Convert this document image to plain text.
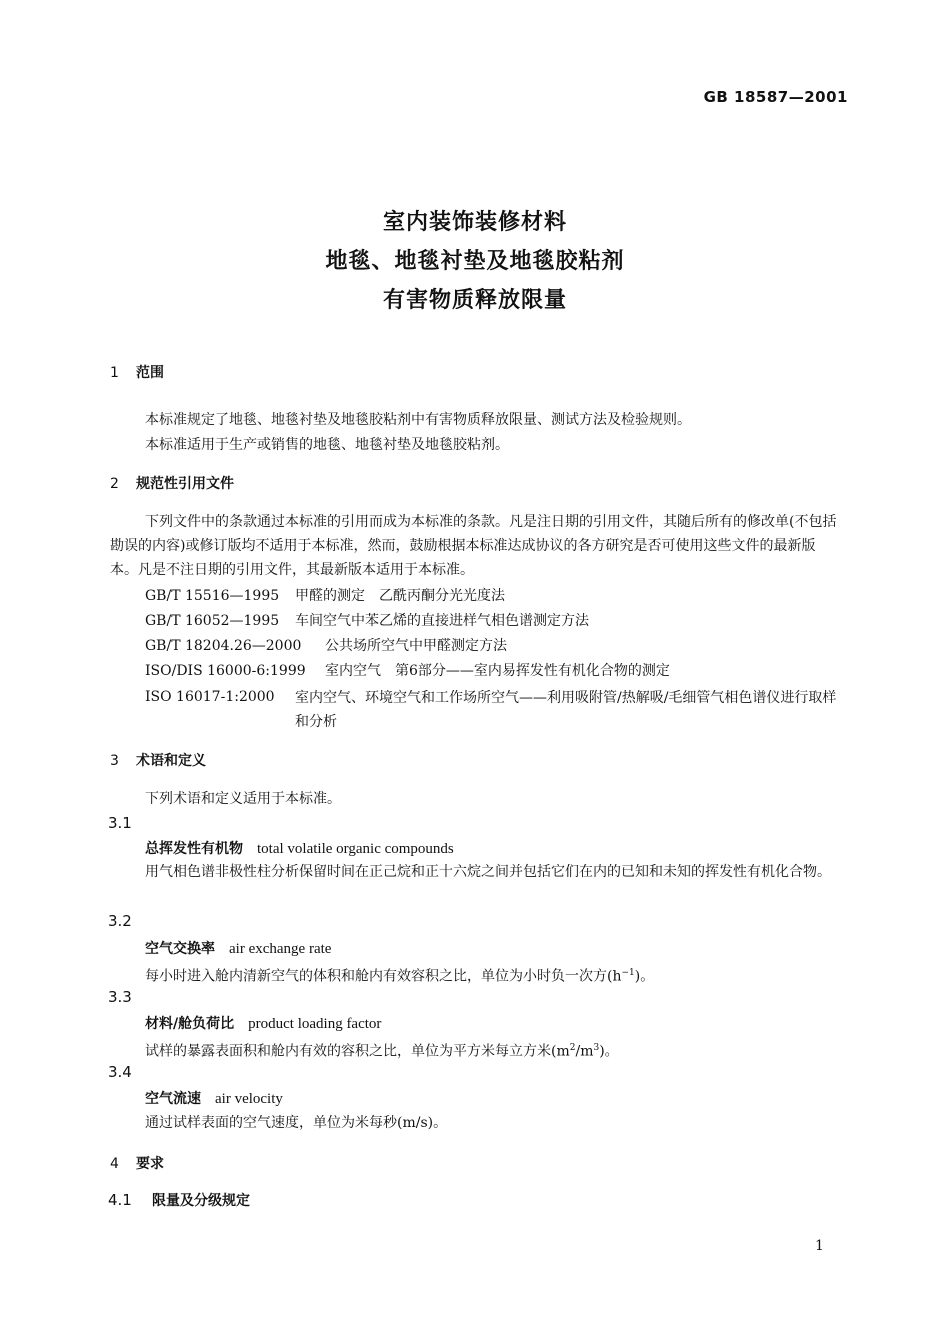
GB 18587—2001
室内装饰装修材料
地毯、地毯衬垫及地毯胶粘剂
有害物质释放限量
1 范围
本标准规定了地毯、地毯衬垫及地毯胶粘剂中有害物质释放限量、测试方法及检验规则。
本标准适用于生产或销售的地毯、地毯衬垫及地毯胶粘剂。
2 规范性引用文件
下列文件中的条款通过本标准的引用而成为本标准的条款。凡是注日期的引用文件，其随后所有的修改单(不包括勘误的内容)或修订版均不适用于本标准，然而，鼓励根据本标准达成协议的各方研究是否可使用这些文件的最新版本。凡是不注日期的引用文件，其最新版本适用于本标准。
GB/T 15516—1995 甲醛的测定　乙酰丙酮分光光度法
GB/T 16052—1995 车间空气中苯乙烯的直接进样气相色谱测定方法
GB/T 18204.26—2000 公共场所空气中甲醛测定方法
ISO/DIS 16000-6:1999 室内空气　第6部分——室内易挥发性有机化合物的测定
ISO 16017-1:2000	室内空气、环境空气和工作场所空气——利用吸附管/热解吸/毛细管气相色谱仪进行取样和分析
3 术语和定义
下列术语和定义适用于本标准。
3.1
总挥发性有机物 total volatile organic compounds
用气相色谱非极性柱分析保留时间在正己烷和正十六烷之间并包括它们在内的已知和未知的挥发性有机化合物。
3.2
空气交换率 air exchange rate
每小时进入舱内清新空气的体积和舱内有效容积之比，单位为小时负一次方$(h^{-1})$。
3.3
材料/舱负荷比 product loading factor
试样的暴露表面积和舱内有效的容积之比，单位为平方米每立方米$(m^2/m^3)$。
3.4
空气流速 air velocity
通过试样表面的空气速度，单位为米每秒(m/s)。
4 要求
4.1 限量及分级规定
1
